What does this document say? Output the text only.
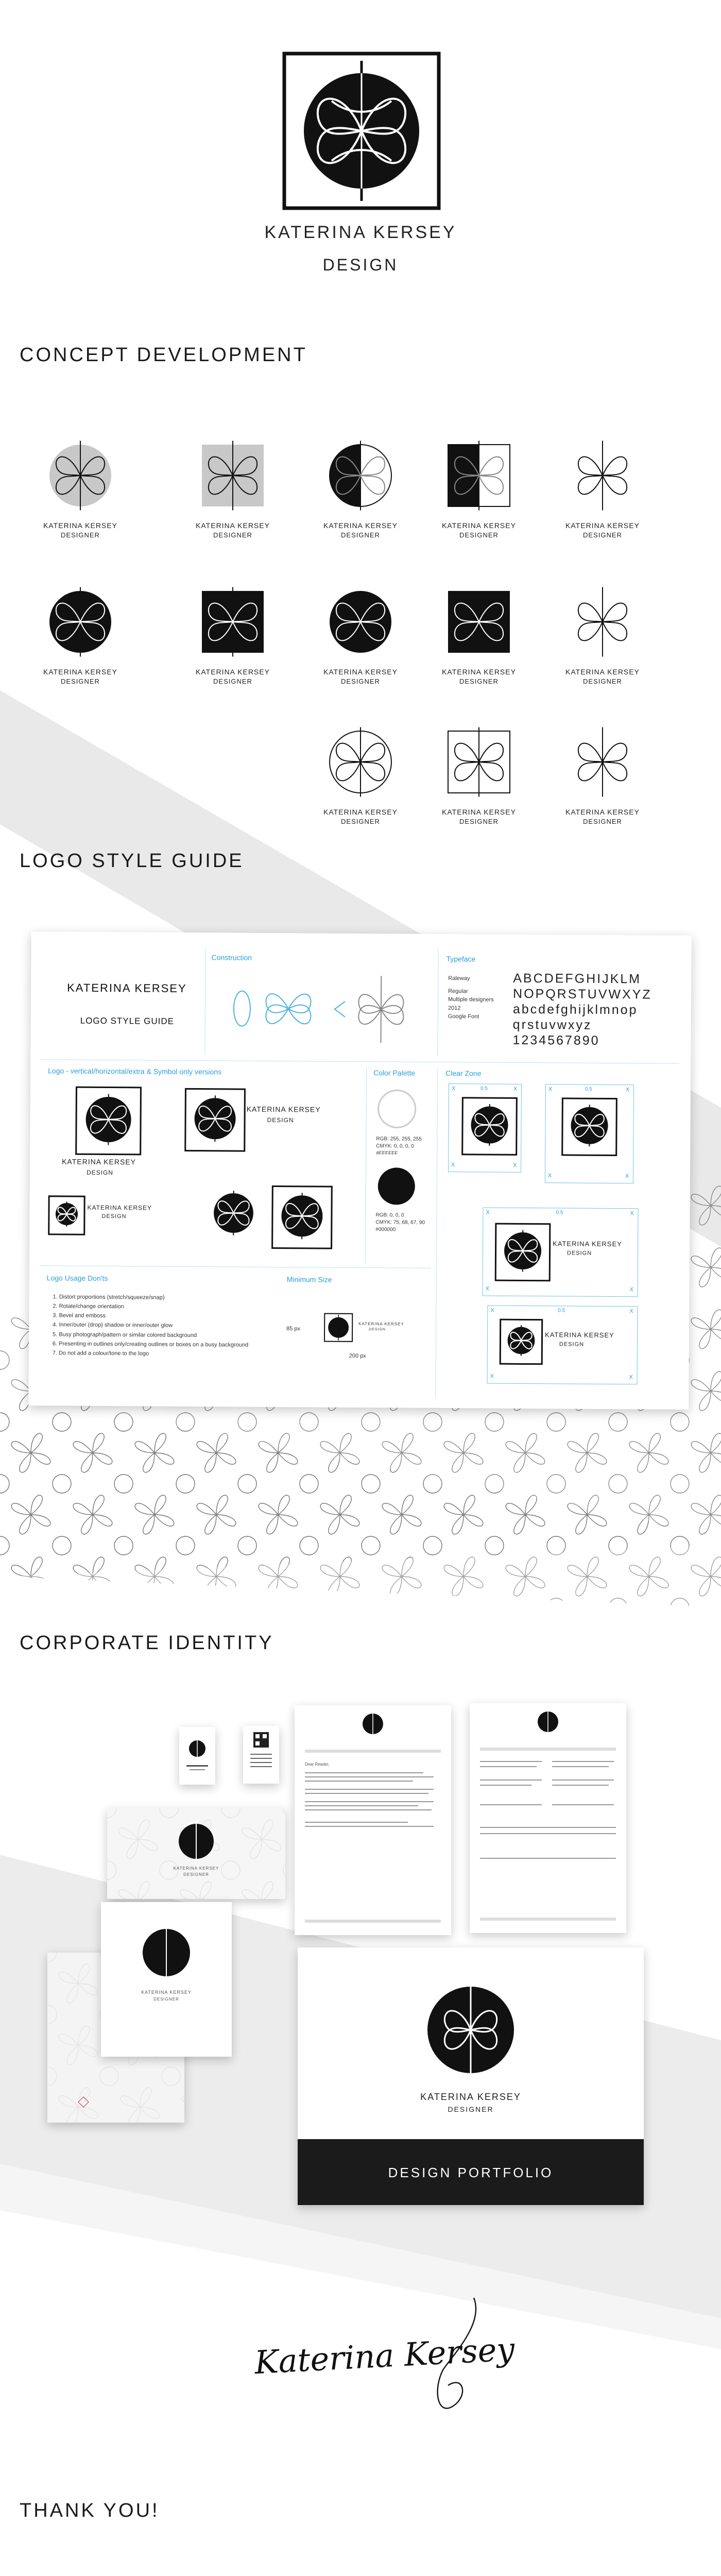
KATERINA KERSEY
DESIGN
CONCEPT DEVELOPMENT
KATERINA KERSEY
DESIGNER
KATERINA KERSEY
DESIGNER
KATERINA KERSEY
DESIGNER
KATERINA KERSEY
DESIGNER
KATERINA KERSEY
DESIGNER
KATERINA KERSEY
DESIGNER
KATERINA KERSEY
DESIGNER
KATERINA KERSEY
DESIGNER
KATERINA KERSEY
DESIGNER
KATERINA KERSEY
DESIGNER
KATERINA KERSEY
DESIGNER
KATERINA KERSEY
DESIGNER
KATERINA KERSEY
DESIGNER
LOGO STYLE GUIDE
KATERINA KERSEY
LOGO STYLE GUIDE
Construction	Typeface
Raleway
Regular
Multiple designers
2012
Google Font
ABCDEFGHIJKLM
NOPQRSTUVWXYZ
abcdefghijklmnop
qrstuvwxyz
1234567890
Logo - vertical/horizontal/extra & Symbol only versions
KATERINA KERSEY
DESIGN
KATERINA KERSEY
DESIGN
KATERINA KERSEY
DESIGN
Color Palette
RGB: 255, 255, 255
CMYK: 0, 0, 0, 0
#FFFFFF
RGB: 0, 0, 0
CMYK: 75, 68, 67, 90
#000000
Clear Zone
X	X
X	X
0.5	X	X
X	X
0.5
X	X
X	X
0.5
KATERINA KERSEY
DESIGN
X	X
X	X
0.5
KATERINA KERSEY
DESIGN
Logo Usage Don'ts
1. Distort proportions (stretch/squeeze/snap)
2. Rotate/change orientation
3. Bevel and emboss
4. Inner/outer (drop) shadow or inner/outer glow
5. Busy photograph/pattern or similar colored background
6. Presenting in outlines only/creating outlines or boxes on a busy background
7. Do not add a colour/tone to the logo
Minimum Size
85 px
KATERINA KERSEY
DESIGN
200 px
CORPORATE IDENTITY
KATERINA KERSEY
DESIGNER
Dear Reader,
KATERINA KERSEY
DESIGNER
KATERINA KERSEY
DESIGNER
DESIGN PORTFOLIO
Katerina Kersey
THANK YOU!
